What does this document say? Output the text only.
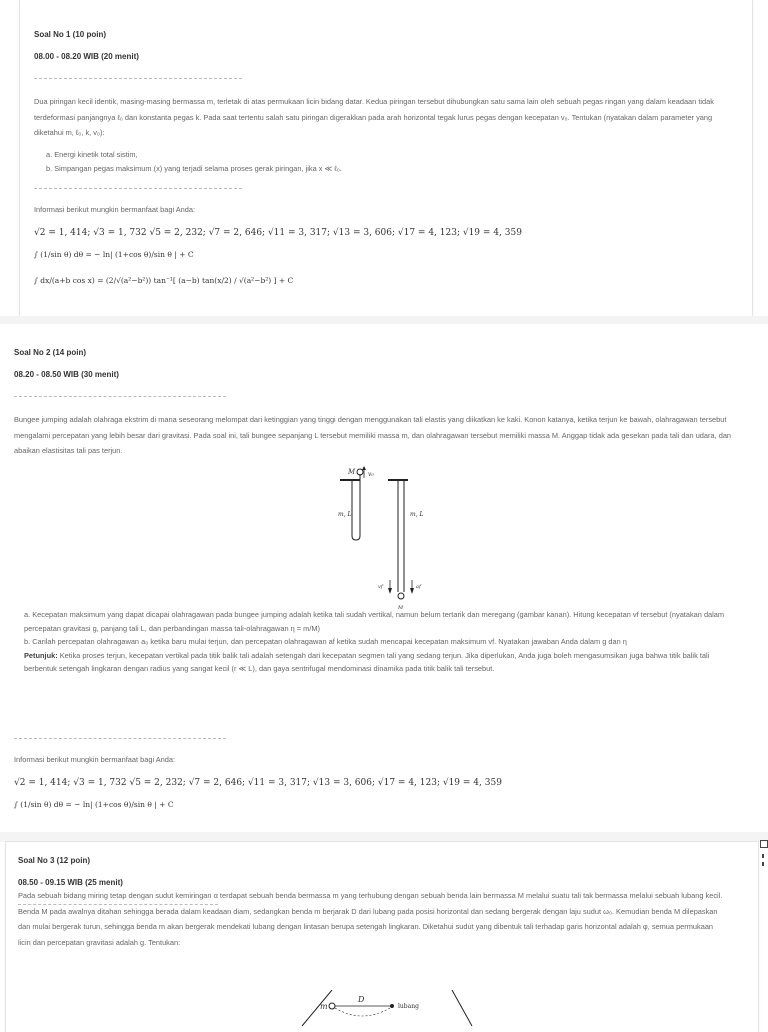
Soal No 1 (10 poin)
08.00 - 08.20 WIB (20 menit)
Dua piringan kecil identik, masing-masing bermassa m, terletak di atas permukaan licin bidang datar. Kedua piringan tersebut dihubungkan satu sama lain oleh sebuah pegas ringan yang dalam keadaan tidak terdeformasi panjangnya ℓ₀ dan konstanta pegas k. Pada saat tertentu salah satu piringan digerakkan pada arah horizontal tegak lurus pegas dengan kecepatan v₀. Tentukan (nyatakan dalam parameter yang diketahui m, ℓ₀, k, v₀):
a. Energi kinetik total sistim,
b. Simpangan pegas maksimum (x) yang terjadi selama proses gerak piringan, jika x ≪ ℓ₀.
Informasi berikut mungkin bermanfaat bagi Anda:
√2 = 1, 414; √3 = 1, 732 √5 = 2, 232; √7 = 2, 646; √11 = 3, 317; √13 = 3, 606; √17 = 4, 123; √19 = 4, 359
∫ (1/sin θ) dθ = − ln| (1+cos θ)/sin θ | + C
∫ dx/(a+b cos x) = (2/√(a²−b²)) tan⁻¹[ (a−b) tan(x/2) / √(a²−b²) ] + C
Soal No 2 (14 poin)
08.20 - 08.50 WIB (30 menit)
Bungee jumping adalah olahraga ekstrim di mana seseorang melompat dari ketinggian yang tinggi dengan menggunakan tali elastis yang diikatkan ke kaki. Konon katanya, ketika terjun ke bawah, olahragawan tersebut mengalami percepatan yang lebih besar dari gravitasi. Pada soal ini, tali bungee sepanjang L tersebut memiliki massa m, dan olahragawan tersebut memiliki massa M. Anggap tidak ada gesekan pada tali dan udara, dan abaikan elastisitas tali pas terjun.
M v₀
m, L	m, L
vf	af
M
a. Kecepatan maksimum yang dapat dicapai olahragawan pada bungee jumping adalah ketika tali sudah vertikal, namun belum tertarik dan meregang (gambar kanan). Hitung kecepatan vf tersebut (nyatakan dalam percepatan gravitasi g, panjang tali L, dan perbandingan massa tali-olahragawan η = m/M)
b. Carilah percepatan olahragawan a₀ ketika baru mulai terjun, dan percepatan olahragawan af ketika sudah mencapai kecepatan maksimum vf. Nyatakan jawaban Anda dalam g dan η
Petunjuk: Ketika proses terjun, kecepatan vertikal pada titik balik tali adalah setengah dari kecepatan segmen tali yang sedang terjun. Jika diperlukan, Anda juga boleh mengasumsikan juga bahwa titik balik tali berbentuk setengah lingkaran dengan radius yang sangat kecil (r ≪ L), dan gaya sentrifugal mendominasi dinamika pada titik balik tali tersebut.
Informasi berikut mungkin bermanfaat bagi Anda:
√2 = 1, 414; √3 = 1, 732 √5 = 2, 232; √7 = 2, 646; √11 = 3, 317; √13 = 3, 606; √17 = 4, 123; √19 = 4, 359
∫ (1/sin θ) dθ = − ln| (1+cos θ)/sin θ | + C
Soal No 3 (12 poin)
08.50 - 09.15 WIB (25 menit)
Pada sebuah bidang miring tetap dengan sudut kemiringan α terdapat sebuah benda bermassa m yang terhubung dengan sebuah benda lain bermassa M melalui suatu tali tak bermassa melalui sebuah lubang kecil. Benda M pada awalnya ditahan sehingga berada dalam keadaan diam, sedangkan benda m berjarak D dari lubang pada posisi horizontal dan sedang bergerak dengan laju sudut ω₀. Kemudian benda M dilepaskan dan mulai bergerak turun, sehingga benda m akan bergerak mendekati lubang dengan lintasan berupa setengah lingkaran. Diketahui sudut yang dibentuk tali terhadap garis horizontal adalah φ, semua permukaan licin dan percepatan gravitasi adalah g. Tentukan:
m
D
lubang
